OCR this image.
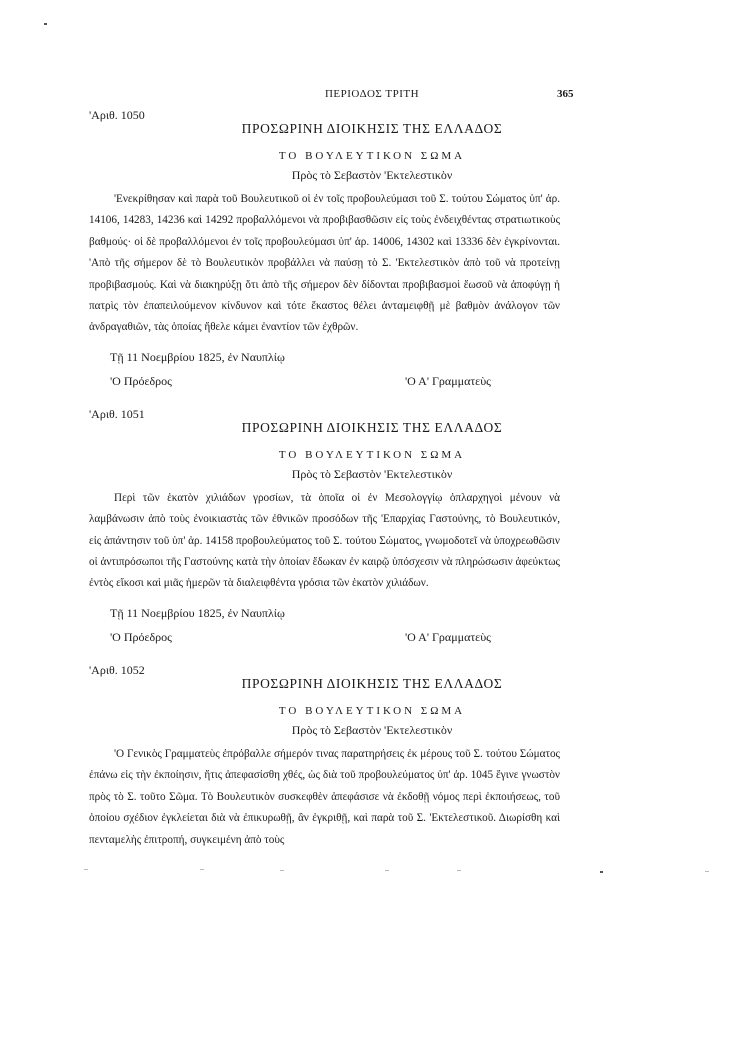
ΠΕΡΙΟΔΟΣ ΤΡΙΤΗ	365
'Αριθ. 1050
ΠΡΟΣΩΡΙΝΗ ΔΙΟΙΚΗΣΙΣ ΤΗΣ ΕΛΛΑΔΟΣ
ΤΟ ΒΟΥΛΕΥΤΙΚΟΝ ΣΩΜΑ
Πρὸς τὸ Σεβαστὸν 'Εκτελεστικὸν
'Ενεκρίθησαν καὶ παρὰ τοῦ Βουλευτικοῦ οἱ ἐν τοῖς προβουλεύμασι τοῦ Σ. τούτου Σώματος ὑπ' ἀρ. 14106, 14283, 14236 καὶ 14292 προβαλλόμενοι νὰ προβιβασθῶσιν εἰς τοὺς ἐνδειχθέντας στρατιωτικοὺς βαθμούς· οἱ δὲ προβαλλόμενοι ἐν τοῖς προβουλεύμασι ὑπ' ἀρ. 14006, 14302 καὶ 13336 δὲν ἐγκρίνονται. 'Απὸ τῆς σήμερον δὲ τὸ Βουλευτικὸν προβάλλει νὰ παύσῃ τὸ Σ. 'Εκτελεστικὸν ἀπὸ τοῦ νὰ προτείνῃ προβιβασμούς. Καὶ νὰ διακηρύξῃ ὅτι ἀπὸ τῆς σήμερον δὲν δίδονται προβιβασμοὶ ἕωσοῦ νὰ ἀποφύγῃ ἡ πατρὶς τὸν ἐπαπειλούμενον κίνδυνον καὶ τότε ἕκαστος θέλει ἀνταμειφθῇ μὲ βαθμὸν ἀνάλογον τῶν ἀνδραγαθιῶν, τὰς ὁποίας ἤθελε κάμει ἐναντίον τῶν ἐχθρῶν.
Τῇ 11 Νοεμβρίου 1825, ἐν Ναυπλίῳ
'Ο Πρόεδρος	'Ο Α' Γραμματεὺς
'Αριθ. 1051
ΠΡΟΣΩΡΙΝΗ ΔΙΟΙΚΗΣΙΣ ΤΗΣ ΕΛΛΑΔΟΣ
ΤΟ ΒΟΥΛΕΥΤΙΚΟΝ ΣΩΜΑ
Πρὸς τὸ Σεβαστὸν 'Εκτελεστικὸν
Περὶ τῶν ἑκατὸν χιλιάδων γροσίων, τὰ ὁποῖα οἱ ἐν Μεσολογγίῳ ὁπλαρχηγοὶ μένουν νὰ λαμβάνωσιν ἀπὸ τοὺς ἐνοικιαστὰς τῶν ἐθνικῶν προσόδων τῆς 'Επαρχίας Γαστούνης, τὸ Βουλευτικόν, εἰς ἀπάντησιν τοῦ ὑπ' ἀρ. 14158 προβουλεύματος τοῦ Σ. τούτου Σώματος, γνωμοδοτεῖ νὰ ὑποχρεωθῶσιν οἱ ἀντιπρόσωποι τῆς Γαστούνης κατὰ τὴν ὁποίαν ἔδωκαν ἐν καιρῷ ὑπόσχεσιν νὰ πληρώσωσιν ἀφεύκτως ἐντὸς εἴκοσι καὶ μιᾶς ἡμερῶν τὰ διαλειφθέντα γρόσια τῶν ἑκατὸν χιλιάδων.
Τῇ 11 Νοεμβρίου 1825, ἐν Ναυπλίῳ
'Ο Πρόεδρος	'Ο Α' Γραμματεὺς
'Αριθ. 1052
ΠΡΟΣΩΡΙΝΗ ΔΙΟΙΚΗΣΙΣ ΤΗΣ ΕΛΛΑΔΟΣ
ΤΟ ΒΟΥΛΕΥΤΙΚΟΝ ΣΩΜΑ
Πρὸς τὸ Σεβαστὸν 'Εκτελεστικὸν
'Ο Γενικὸς Γραμματεὺς ἐπρόβαλλε σήμερόν τινας παρατηρήσεις ἐκ μέρους τοῦ Σ. τούτου Σώματος ἐπάνω εἰς τὴν ἐκποίησιν, ἥτις ἀπεφασίσθη χθές, ὡς διὰ τοῦ προβουλεύματος ὑπ' ἀρ. 1045 ἔγινε γνωστὸν πρὸς τὸ Σ. τοῦτο Σῶμα. Τὸ Βουλευτικὸν συσκεφθὲν ἀπεφάσισε νὰ ἐκδοθῇ νόμος περὶ ἐκποιήσεως, τοῦ ὁποίου σχέδιον ἐγκλείεται διὰ νὰ ἐπικυρωθῇ, ἂν ἐγκριθῇ, καὶ παρὰ τοῦ Σ. 'Εκτελεστικοῦ. Διωρίσθη καὶ πενταμελὴς ἐπιτροπή, συγκειμένη ἀπὸ τοὺς
